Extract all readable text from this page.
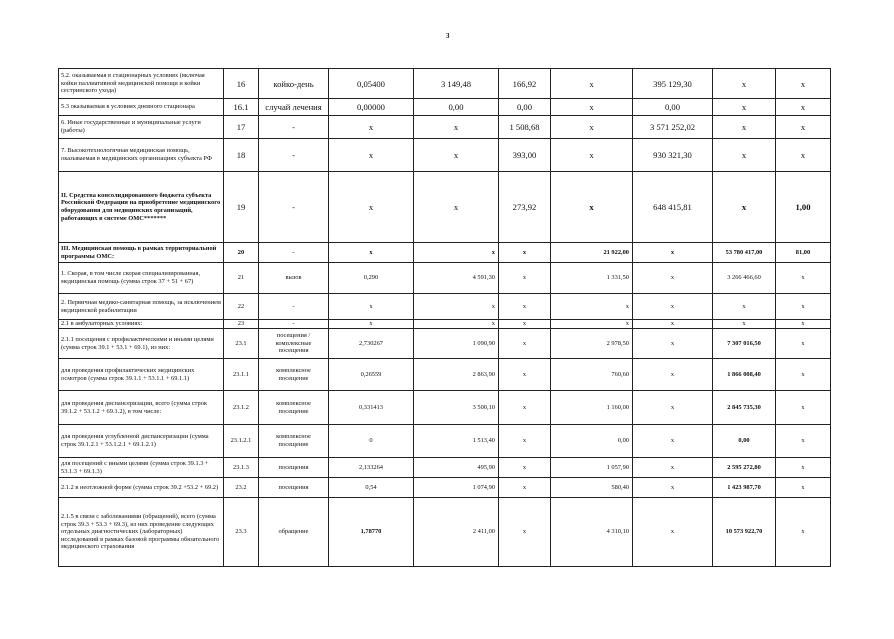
3
5.2. оказываемая в стационарных условиях (включая койки паллиативной медицинской помощи и койки сестринского ухода)	16	койко-день	0,05400	3 149,48	166,92	x	395 129,30	x	x
5.3 оказываемая в условиях дневного стационара	16.1	случай лечения	0,00000	0,00	0,00	x	0,00	x	x
6. Иные государственные и муниципальные услуги (работы)	17	-	x	x	1 508,68	x	3 571 252,02	x	x
7. Высокотехнологичная медицинская помощь, оказываемая в медицинских организациях субъекта РФ	18	-	x	x	393,00	x	930 321,30	x	x
II. Средства консолидированного бюджета субъекта Российской Федерации на приобретение медицинского оборудования для медицинских организаций, работающих в системе ОМС*******	19	-	x	x	273,92	x	648 415,81	x	1,00
III. Медицинская помощь в рамках территориальной программы ОМС:	20	-	x	x	x	21 922,00	x	53 780 417,00	81,00
1. Скорая, в том числе скорая специализированная, медицинская помощь (сумма строк 37 + 51 + 67)	21	вызов	0,290	4 591,30	x	1 331,50	x	3 266 466,60	x
2. Первичная медико-санитарная помощь, за исключением медицинской реабилитации	22	-	x	x	x	x	x	x	x
2.1 в амбулаторных условиях:	23	-	x	x	x	x	x	x	x
2.1.1 посещения с профилактическими и иными целями (сумма строк 39.1 + 53.1 + 69.1), из них:	23.1	посещения / комплексные посещения	2,730267	1 090,90	x	2 978,50	x	7 307 016,50	x
для проведения профилактических медицинских осмотров (сумма строк 39.1.1 + 53.1.1 + 69.1.1)	23.1.1	комплексное посещение	0,26559	2 863,90	x	760,60	x	1 866 008,40	x
для проведения диспансеризации, всего (сумма строк 39.1.2 + 53.1.2 + 69.1.2), в том числе:	23.1.2	комплексное посещение	0,331413	3 500,10	x	1 160,00	x	2 845 735,30	x
для проведения углубленной диспансеризации (сумма строк 39.1.2.1 + 53.1.2.1 + 69.1.2.1)	23.1.2.1	комплексное посещение	0	1 513,40	x	0,00	x	0,00	x
для посещений с иными целями (сумма строк 39.1.3 + 53.1.3 + 69.1.3)	23.1.3	посещения	2,133264	495,90	x	1 057,90	x	2 595 272,80	x
2.1.2 в неотложной форме (сумма строк 39.2 +53.2 + 69.2)	23.2	посещения	0,54	1 074,90	x	580,40	x	1 423 987,70	x
2.1.5 в связи с заболеваниями (обращений), всего (сумма строк 39.3 + 53.3 + 69.3), из них проведение следующих отдельных диагностических (лабораторных) исследований в рамках базовой программы обязательного медицинского страхования	23.3	обращение	1,78770	2 411,00	x	4 310,10	x	10 573 922,70	x
